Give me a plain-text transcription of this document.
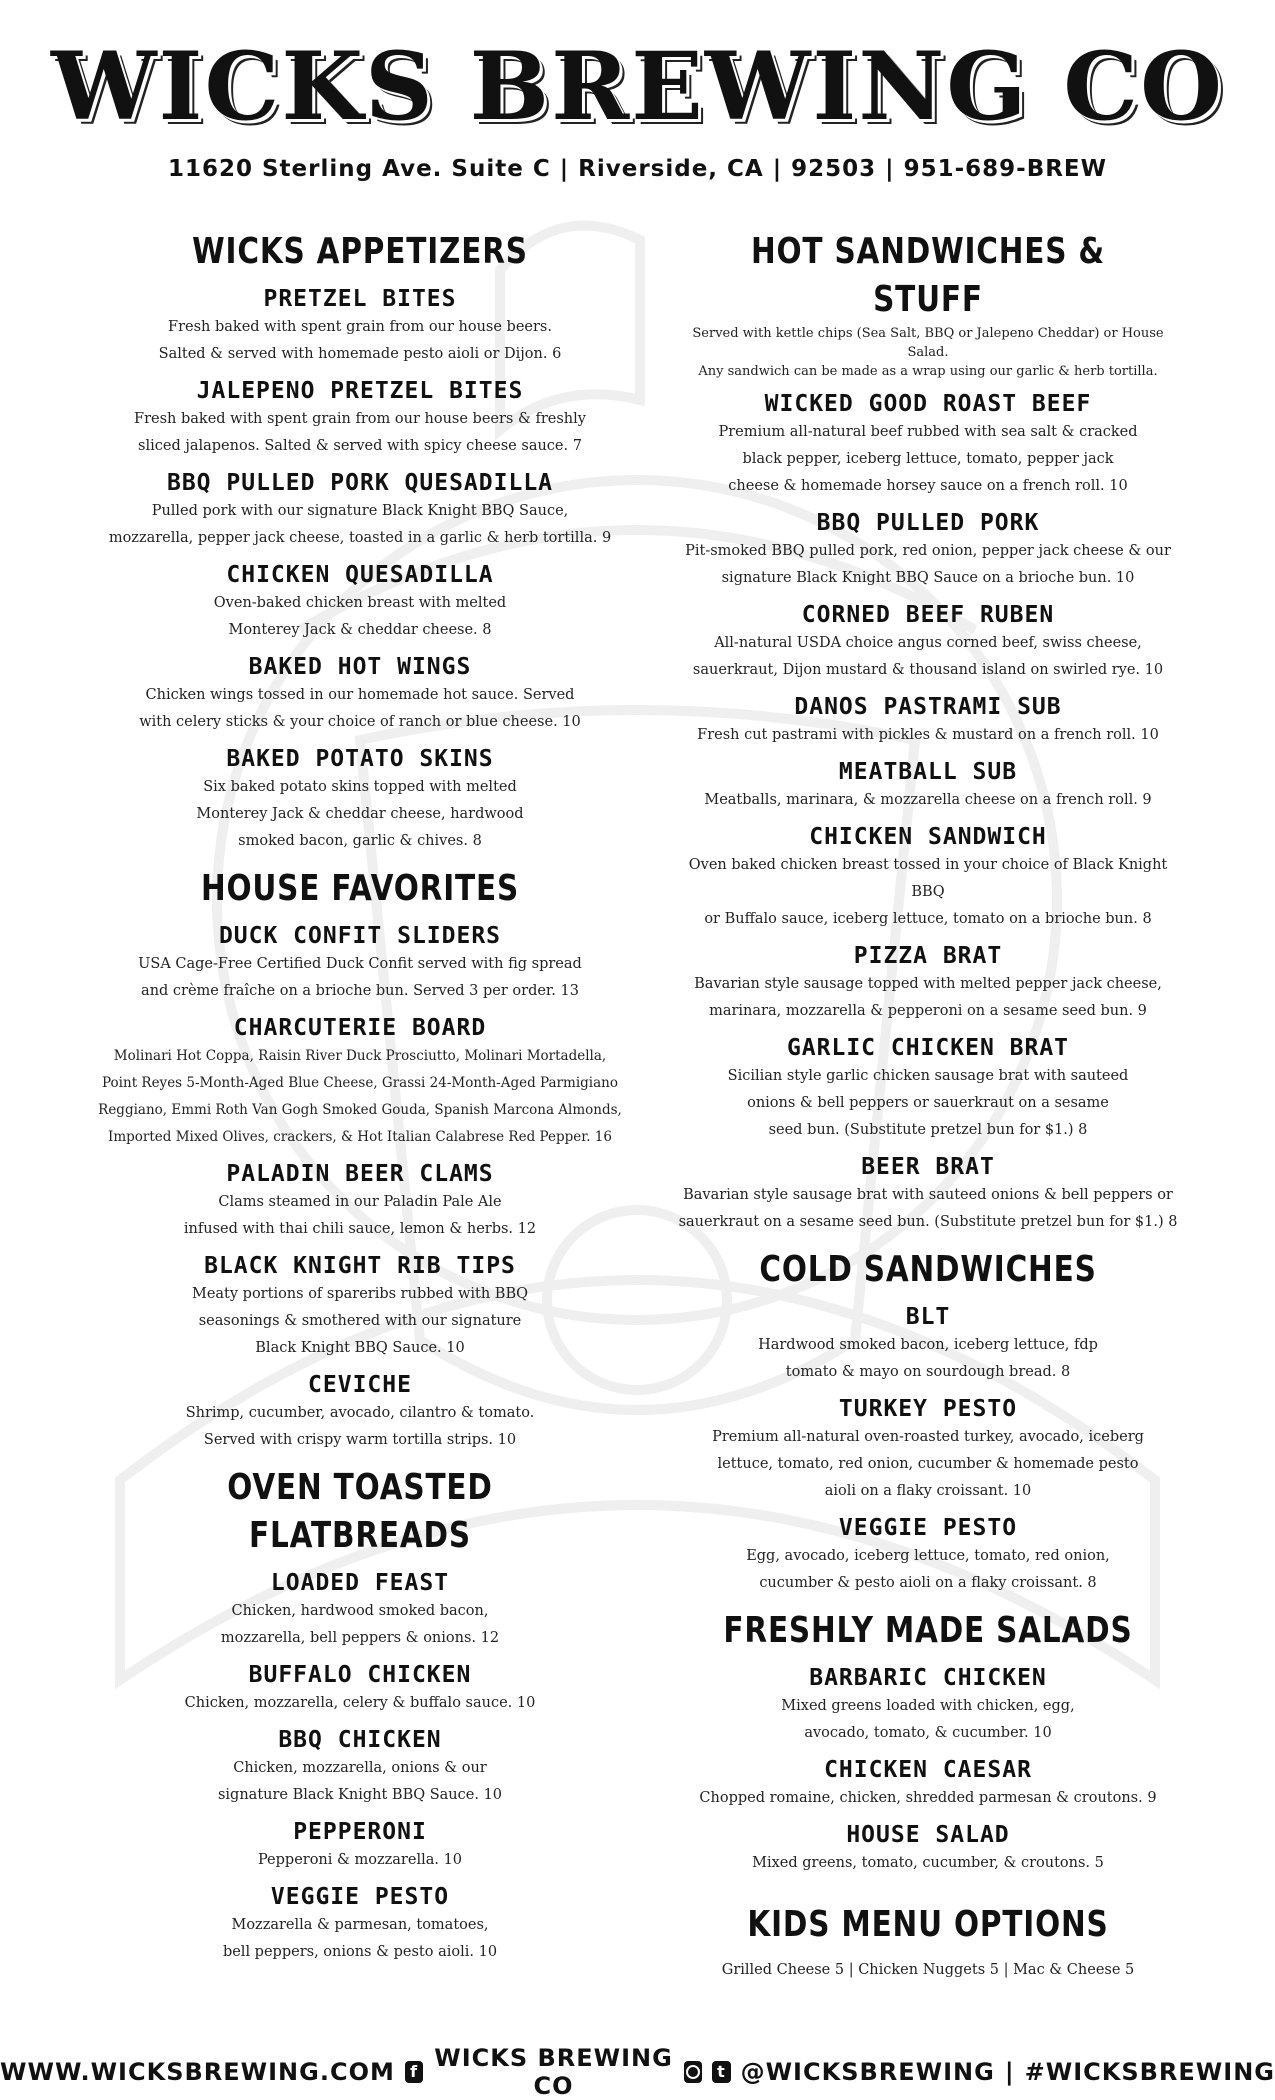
WICKS BREWING CO
11620 Sterling Ave. Suite C | Riverside, CA | 92503 | 951-689-BREW
WICKS APPETIZERS
PRETZEL BITES
Fresh baked with spent grain from our house beers.
Salted & served with homemade pesto aioli or Dijon. 6
JALEPENO PRETZEL BITES
Fresh baked with spent grain from our house beers & freshly
sliced jalapenos. Salted & served with spicy cheese sauce. 7
BBQ PULLED PORK QUESADILLA
Pulled pork with our signature Black Knight BBQ Sauce,
mozzarella, pepper jack cheese, toasted in a garlic & herb tortilla. 9
CHICKEN QUESADILLA
Oven-baked chicken breast with melted
Monterey Jack & cheddar cheese. 8
BAKED HOT WINGS
Chicken wings tossed in our homemade hot sauce. Served
with celery sticks & your choice of ranch or blue cheese. 10
BAKED POTATO SKINS
Six baked potato skins topped with melted
Monterey Jack & cheddar cheese, hardwood
smoked bacon, garlic & chives. 8
HOUSE FAVORITES
DUCK CONFIT SLIDERS
USA Cage-Free Certified Duck Confit served with fig spread
and crème fraîche on a brioche bun. Served 3 per order. 13
CHARCUTERIE BOARD
Molinari Hot Coppa, Raisin River Duck Prosciutto, Molinari Mortadella,
Point Reyes 5-Month-Aged Blue Cheese, Grassi 24-Month-Aged Parmigiano
Reggiano, Emmi Roth Van Gogh Smoked Gouda, Spanish Marcona Almonds,
Imported Mixed Olives, crackers, & Hot Italian Calabrese Red Pepper. 16
PALADIN BEER CLAMS
Clams steamed in our Paladin Pale Ale
infused with thai chili sauce, lemon & herbs. 12
BLACK KNIGHT RIB TIPS
Meaty portions of spareribs rubbed with BBQ
seasonings & smothered with our signature
Black Knight BBQ Sauce. 10
CEVICHE
Shrimp, cucumber, avocado, cilantro & tomato.
Served with crispy warm tortilla strips. 10
OVEN TOASTED FLATBREADS
LOADED FEAST
Chicken, hardwood smoked bacon,
mozzarella, bell peppers & onions. 12
BUFFALO CHICKEN
Chicken, mozzarella, celery & buffalo sauce. 10
BBQ CHICKEN
Chicken, mozzarella, onions & our
signature Black Knight BBQ Sauce. 10
PEPPERONI
Pepperoni & mozzarella. 10
VEGGIE PESTO
Mozzarella & parmesan, tomatoes,
bell peppers, onions & pesto aioli. 10
HOT SANDWICHES & STUFF
Served with kettle chips (Sea Salt, BBQ or Jalepeno Cheddar) or House Salad.
Any sandwich can be made as a wrap using our garlic & herb tortilla.
WICKED GOOD ROAST BEEF
Premium all-natural beef rubbed with sea salt & cracked
black pepper, iceberg lettuce, tomato, pepper jack
cheese & homemade horsey sauce on a french roll. 10
BBQ PULLED PORK
Pit-smoked BBQ pulled pork, red onion, pepper jack cheese & our
signature Black Knight BBQ Sauce on a brioche bun. 10
CORNED BEEF RUBEN
All-natural USDA choice angus corned beef, swiss cheese,
sauerkraut, Dijon mustard & thousand island on swirled rye. 10
DANOS PASTRAMI SUB
Fresh cut pastrami with pickles & mustard on a french roll. 10
MEATBALL SUB
Meatballs, marinara, & mozzarella cheese on a french roll. 9
CHICKEN SANDWICH
Oven baked chicken breast tossed in your choice of Black Knight BBQ
or Buffalo sauce, iceberg lettuce, tomato on a brioche bun. 8
PIZZA BRAT
Bavarian style sausage topped with melted pepper jack cheese,
marinara, mozzarella & pepperoni on a sesame seed bun. 9
GARLIC CHICKEN BRAT
Sicilian style garlic chicken sausage brat with sauteed
onions & bell peppers or sauerkraut on a sesame
seed bun. (Substitute pretzel bun for $1.) 8
BEER BRAT
Bavarian style sausage brat with sauteed onions & bell peppers or
sauerkraut on a sesame seed bun. (Substitute pretzel bun for $1.) 8
COLD SANDWICHES
BLT
Hardwood smoked bacon, iceberg lettuce, fdp
tomato & mayo on sourdough bread. 8
TURKEY PESTO
Premium all-natural oven-roasted turkey, avocado, iceberg
lettuce, tomato, red onion, cucumber & homemade pesto
aioli on a flaky croissant. 10
VEGGIE PESTO
Egg, avocado, iceberg lettuce, tomato, red onion,
cucumber & pesto aioli on a flaky croissant. 8
FRESHLY MADE SALADS
BARBARIC CHICKEN
Mixed greens loaded with chicken, egg,
avocado, tomato, & cucumber. 10
CHICKEN CAESAR
Chopped romaine, chicken, shredded parmesan & croutons. 9
HOUSE SALAD
Mixed greens, tomato, cucumber, & croutons. 5
KIDS MENU OPTIONS
Grilled Cheese 5 | Chicken Nuggets 5 | Mac & Cheese 5
WWW.WICKSBREWING.COM f WICKS BREWING CO
t @WICKSBREWING | #WICKSBREWING
